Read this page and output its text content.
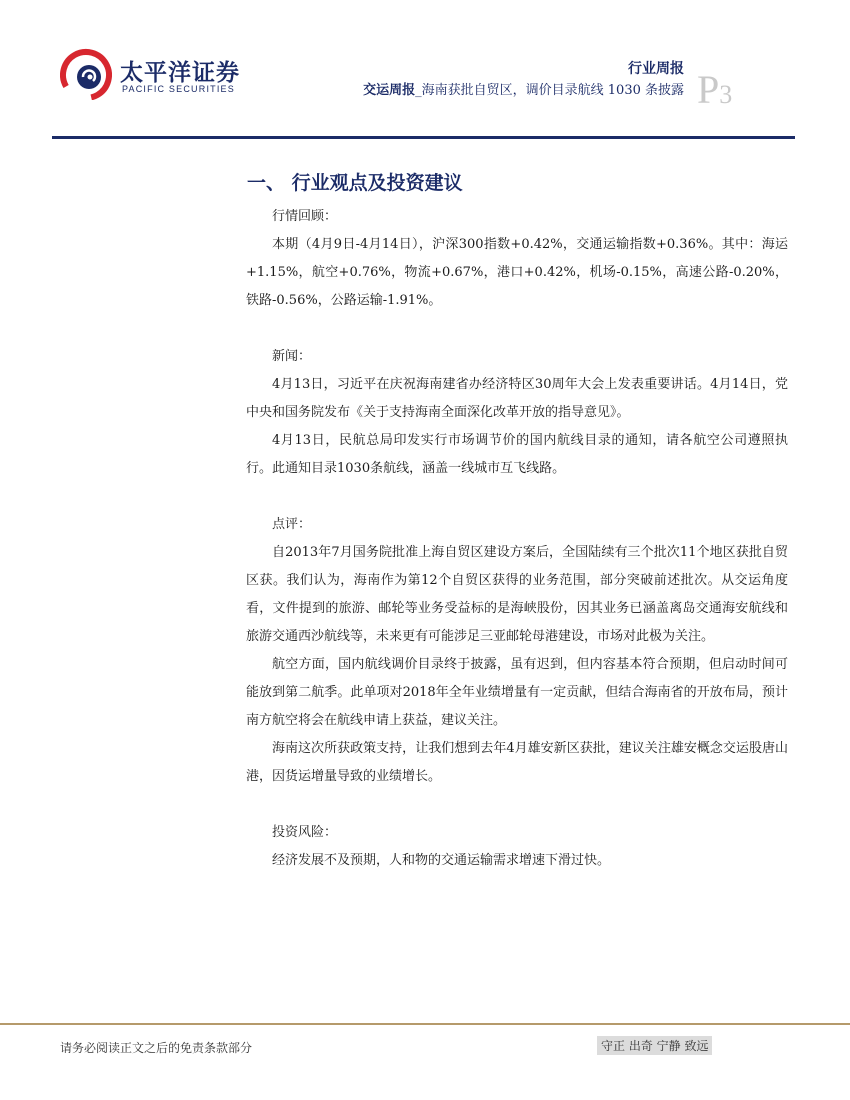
太平洋证券
PACIFIC SECURITIES
行业周报
交运周报_海南获批自贸区，调价目录航线 1030 条披露 P3
一、 行业观点及投资建议

行情回顾：

本期（4月9日-4月14日），沪深300指数+0.42%，交通运输指数+0.36%。其中：海运+1.15%，航空+0.76%，物流+0.67%，港口+0.42%，机场-0.15%，高速公路-0.20%，铁路-0.56%，公路运输-1.91%。

新闻：

4月13日，习近平在庆祝海南建省办经济特区30周年大会上发表重要讲话。4月14日，党中央和国务院发布《关于支持海南全面深化改革开放的指导意见》。

4月13日，民航总局印发实行市场调节价的国内航线目录的通知，请各航空公司遵照执行。此通知目录1030条航线，涵盖一线城市互飞线路。

点评：

自2013年7月国务院批准上海自贸区建设方案后，全国陆续有三个批次11个地区获批自贸区获。我们认为，海南作为第12个自贸区获得的业务范围，部分突破前述批次。从交运角度看，文件提到的旅游、邮轮等业务受益标的是海峡股份，因其业务已涵盖离岛交通海安航线和旅游交通西沙航线等，未来更有可能涉足三亚邮轮母港建设，市场对此极为关注。

航空方面，国内航线调价目录终于披露，虽有迟到，但内容基本符合预期，但启动时间可能放到第二航季。此单项对2018年全年业绩增量有一定贡献，但结合海南省的开放布局，预计南方航空将会在航线申请上获益，建议关注。

海南这次所获政策支持，让我们想到去年4月雄安新区获批，建议关注雄安概念交运股唐山港，因货运增量导致的业绩增长。

投资风险：

经济发展不及预期，人和物的交通运输需求增速下滑过快。

请务必阅读正文之后的免责条款部分	守正 出奇 宁静 致远
